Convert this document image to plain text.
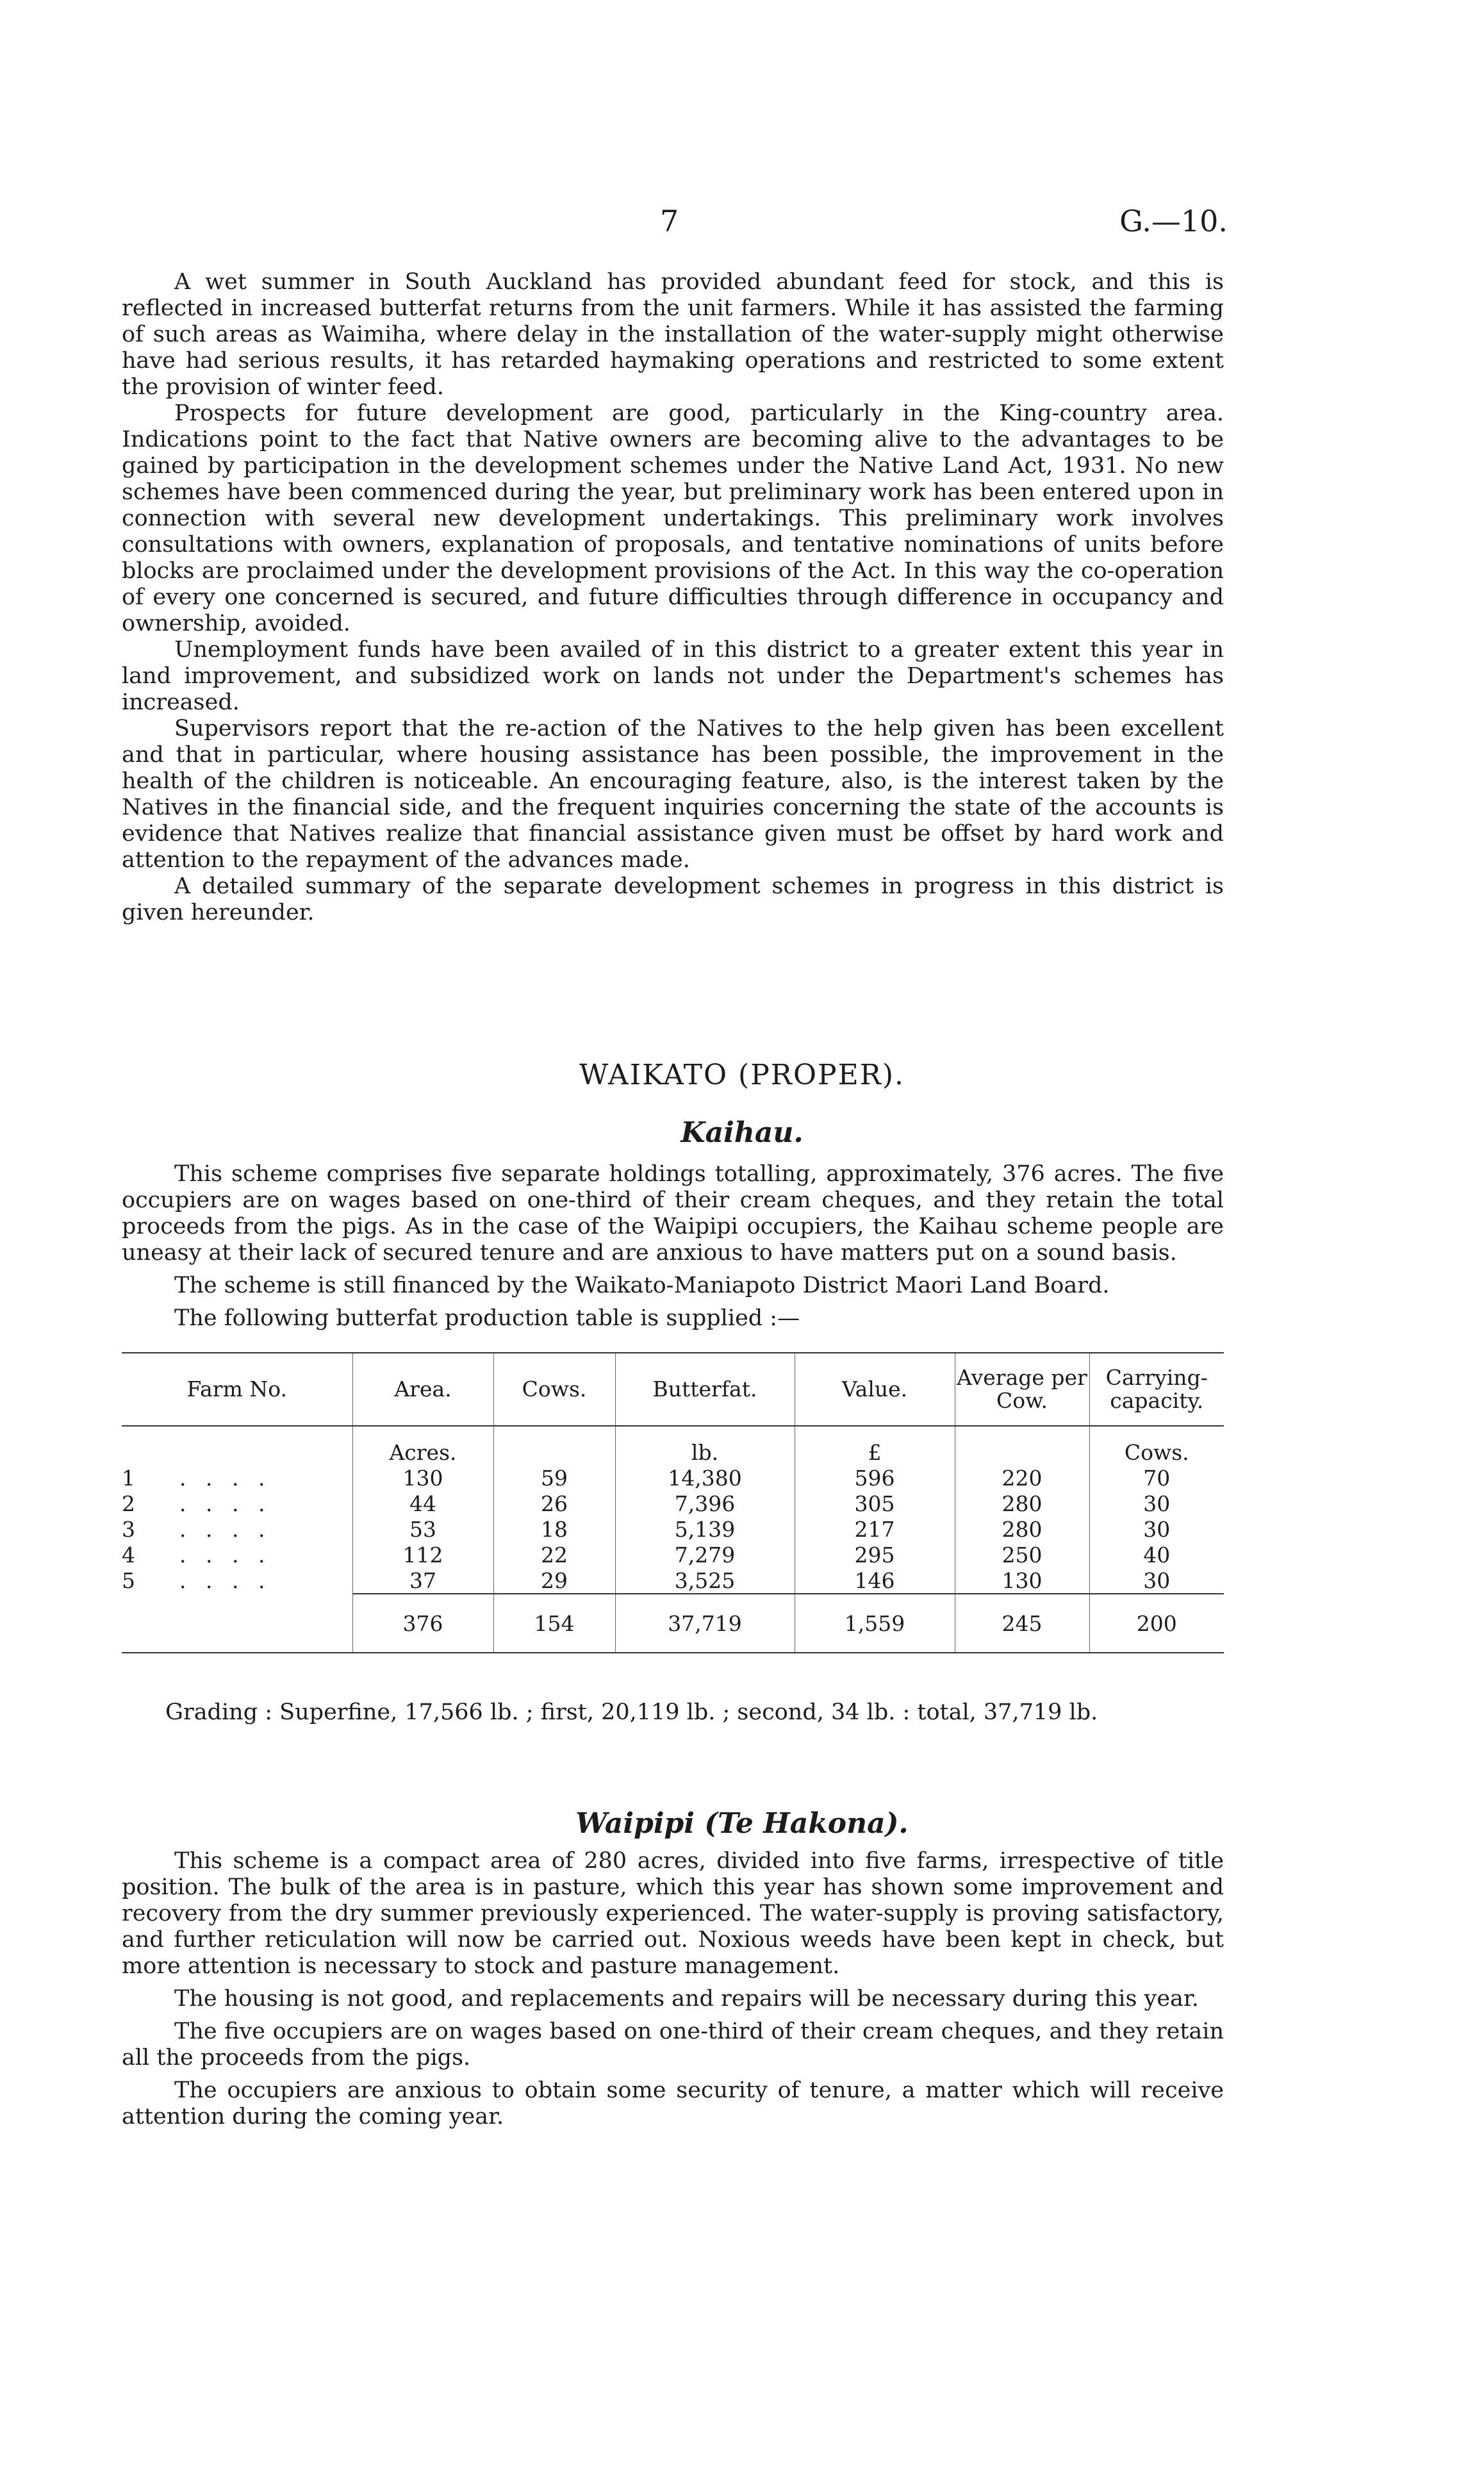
7	G.—10.

A wet summer in South Auckland has provided abundant feed for stock, and this is reflected in increased butterfat returns from the unit farmers. While it has assisted the farming of such areas as Waimiha, where delay in the installation of the water-supply might otherwise have had serious results, it has retarded haymaking operations and restricted to some extent the provision of winter feed.

Prospects for future development are good, particularly in the King-country area. Indications point to the fact that Native owners are becoming alive to the advantages to be gained by participation in the development schemes under the Native Land Act, 1931. No new schemes have been commenced during the year, but preliminary work has been entered upon in connection with several new development undertakings. This preliminary work involves consultations with owners, explanation of proposals, and tentative nominations of units before blocks are proclaimed under the development provisions of the Act. In this way the co-operation of every one concerned is secured, and future difficulties through difference in occupancy and ownership, avoided.

Unemployment funds have been availed of in this district to a greater extent this year in land improvement, and subsidized work on lands not under the Department's schemes has increased.

Supervisors report that the re-action of the Natives to the help given has been excellent and that in particular, where housing assistance has been possible, the improvement in the health of the children is noticeable. An encouraging feature, also, is the interest taken by the Natives in the financial side, and the frequent inquiries concerning the state of the accounts is evidence that Natives realize that financial assistance given must be offset by hard work and attention to the repayment of the advances made.

A detailed summary of the separate development schemes in progress in this district is given hereunder.

WAIKATO (PROPER).
Kaihau.

This scheme comprises five separate holdings totalling, approximately, 376 acres. The five occupiers are on wages based on one-third of their cream cheques, and they retain the total proceeds from the pigs. As in the case of the Waipipi occupiers, the Kaihau scheme people are uneasy at their lack of secured tenure and are anxious to have matters put on a sound basis.

The scheme is still financed by the Waikato-Maniapoto District Maori Land Board.

The following butterfat production table is supplied :—

Farm No.	Area.	Cows.	Butterfat.	Value.	Average per Cow.	Carrying-capacity.
	Acres.		lb.	£		Cows.
1 . . . .	130	59	14,380	596	220	70
2 . . . .	44	26	7,396	305	280	30
3 . . . .	53	18	5,139	217	280	30
4 . . . .	112	22	7,279	295	250	40
5 . . . .	37	29	3,525	146	130	30
	376	154	37,719	1,559	245	200
Grading : Superfine, 17,566 lb. ; first, 20,119 lb. ; second, 34 lb. : total, 37,719 lb.
Waipipi (Te Hakona).

This scheme is a compact area of 280 acres, divided into five farms, irrespective of title position. The bulk of the area is in pasture, which this year has shown some improvement and recovery from the dry summer previously experienced. The water-supply is proving satisfactory, and further reticulation will now be carried out. Noxious weeds have been kept in check, but more attention is necessary to stock and pasture management.

The housing is not good, and replacements and repairs will be necessary during this year.

The five occupiers are on wages based on one-third of their cream cheques, and they retain all the proceeds from the pigs.

The occupiers are anxious to obtain some security of tenure, a matter which will receive attention during the coming year.
